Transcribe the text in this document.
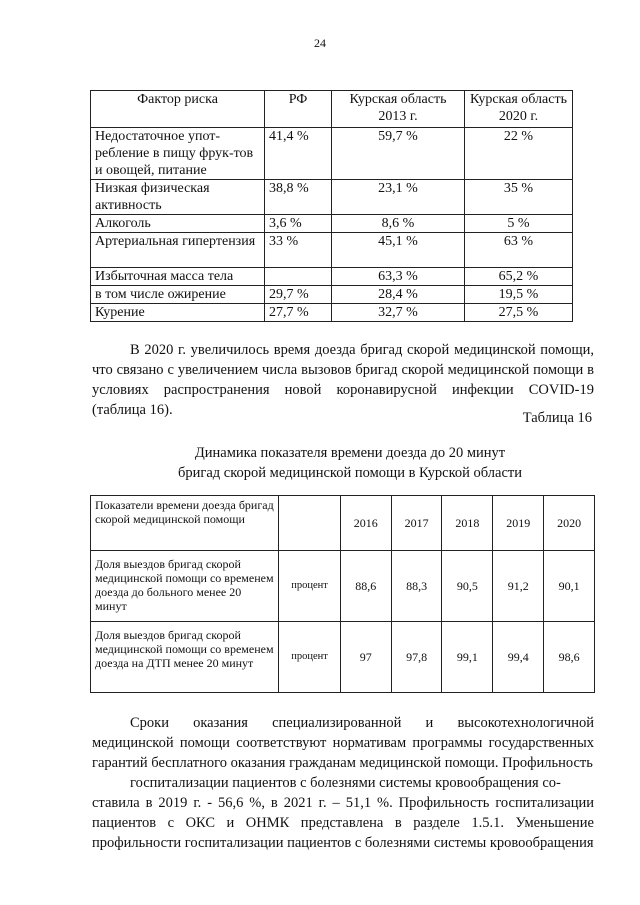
24
Фактор риска	РФ	Курская область 2013 г.	Курская область 2020 г.
Недостаточное упот-ребление в пищу фрук-тов и овощей, питание	41,4 %	59,7 %	22 %
Низкая физическая активность	38,8 %	23,1 %	35 %
Алкоголь	3,6 %	8,6 %	5 %
Артериальная гипертензия	33 %	45,1 %	63 %
Избыточная масса тела		63,3 %	65,2 %
в том числе ожирение	29,7 %	28,4 %	19,5 %
Курение	27,7 %	32,7 %	27,5 %

В 2020 г. увеличилось время доезда бригад скорой медицинской помощи, что связано с увеличением числа вызовов бригад скорой медицинской помощи в условиях распространения новой коронавирусной инфекции COVID-19 (таблица 16).	Таблица 16
Динамика показателя времени доезда до 20 минут
бригад скорой медицинской помощи в Курской области
Показатели времени доезда бригад скорой медицинской помощи		2016	2017	2018	2019	2020
Доля выездов бригад скорой медицинской помощи со временем доезда до больного менее 20 минут	процент	88,6	88,3	90,5	91,2	90,1
Доля выездов бригад скорой медицинской помощи со временем доезда на ДТП менее 20 минут	процент	97	97,8	99,1	99,4	98,6

Сроки оказания специализированной и высокотехнологичной медицинской помощи соответствуют нормативам программы государственных гарантий бесплатного оказания гражданам медицинской помощи. Профильность

госпитализации пациентов с болезнями системы кровообращения со-
ставила в 2019 г. - 56,6 %, в 2021 г. – 51,1 %. Профильность госпитализации пациентов с ОКС и ОНМК представлена в разделе 1.5.1. Уменьшение профильности госпитализации пациентов с болезнями системы кровообращения
